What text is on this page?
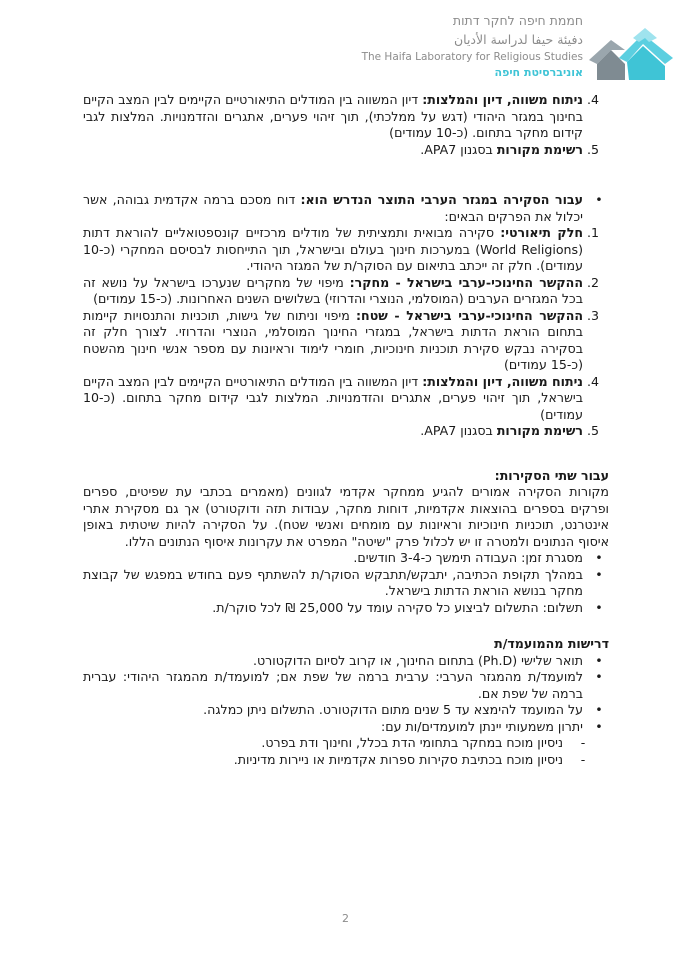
חממת חיפה לחקר דתות
دفيئة حيفا لدراسة الأديان
The Haifa Laboratory for Religious Studies
אוניברסיטת חיפה
4.
ניתוח משווה, דיון והמלצות: דיון המשווה בין המודלים התיאורטיים הקיימים לבין המצב הקיים בחינוך במגזר היהודי (דגש על ממלכתי), תוך זיהוי פערים, אתגרים והזדמנויות. המלצות לגבי קידום מחקר בתחום. (כ-10 עמודים)
5.
רשימת מקורות בסגנון APA7.
•
עבור הסקירה במגזר הערבי התוצר הנדרש הוא: דוח מסכם ברמה אקדמית גבוהה, אשר יכלול את הפרקים הבאים:
1.
חלק תיאורטי: סקירה מבואית ותמציתית של מודלים מרכזיים קונספטואליים להוראת דתות (World Religions) במערכות חינוך בעולם ובישראל, תוך התייחסות לבסיסם המחקרי (כ-10 עמודים). חלק זה ייכתב בתיאום עם הסוקר/ת של המגזר היהודי.
2.
ההקשר החינוכי-ערבי בישראל - מחקר: מיפוי של מחקרים שנערכו בישראל על נושא זה בכל המגזרים הערבים (המוסלמי, הנוצרי והדרוזי) בשלושים השנים האחרונות. (כ-15 עמודים)
3.
ההקשר החינוכי-ערבי בישראל - שטח: מיפוי וניתוח של גישות, תוכניות והתנסויות קיימות בתחום הוראת הדתות בישראל, במגזרי החינוך המוסלמי, הנוצרי והדרוזי. לצורך חלק זה בסקירה נבקש סקירת תוכניות חינוכיות, חומרי לימוד וראיונות עם מספר אנשי חינוך מהשטח (כ-15 עמודים)
4.
ניתוח משווה, דיון והמלצות: דיון המשווה בין המודלים התיאורטיים הקיימים לבין המצב הקיים בישראל, תוך זיהוי פערים, אתגרים והזדמנויות. המלצות לגבי קידום מחקר בתחום. (כ-10 עמודים)
5.
רשימת מקורות בסגנון APA7.

עבור שתי הסקירות:

מקורות הסקירה אמורים להגיע ממחקר אקדמי לגוונים (מאמרים בכתבי עת שפיטים, ספרים ופרקים בספרים בהוצאות אקדמיות, דוחות מחקר, עבודות תזה ודוקטורט) אך גם מסקירת אתרי אינטרנט, תוכניות חינוכיות וראיונות עם מומחים ואנשי שטח). על הסקירה להיות שיטתית באופן איסוף הנתונים ולמטרה זו יש לכלול פרק "שיטה" המפרט את עקרונות איסוף הנתונים הללו.

•
מסגרת זמן: העבודה תימשך כ-3-4 חודשים.
•
במהלך תקופת הכתיבה, יתבקש/תתבקש הסוקר/ת להשתתף פעם בחודש במפגש של קבוצת מחקר בנושא הוראת הדתות בישראל.
•
תשלום: התשלום לביצוע כל סקירה עומד על 25,000 ₪ לכל סוקר/ת.

דרישות מהמועמד/ת

•
תואר שלישי (Ph.D) בתחום החינוך, או קרוב לסיום הדוקטורט.
•
למועמד/ת מהמגזר הערבי: ערבית ברמה של שפת אם; למועמד/ת מהמגזר היהודי: עברית ברמה של שפת אם.
•
על המועמד להימצא עד 5 שנים מתום הדוקטורט. התשלום ניתן כמלגה.
•
יתרון משמעותי יינתן למועמדים/ות עם:
-
ניסיון מוכח במחקר בתחומי הדת בכלל, וחינוך ודת בפרט.
-
ניסיון מוכח בכתיבת סקירות ספרות אקדמיות או ניירות מדיניות.
2
